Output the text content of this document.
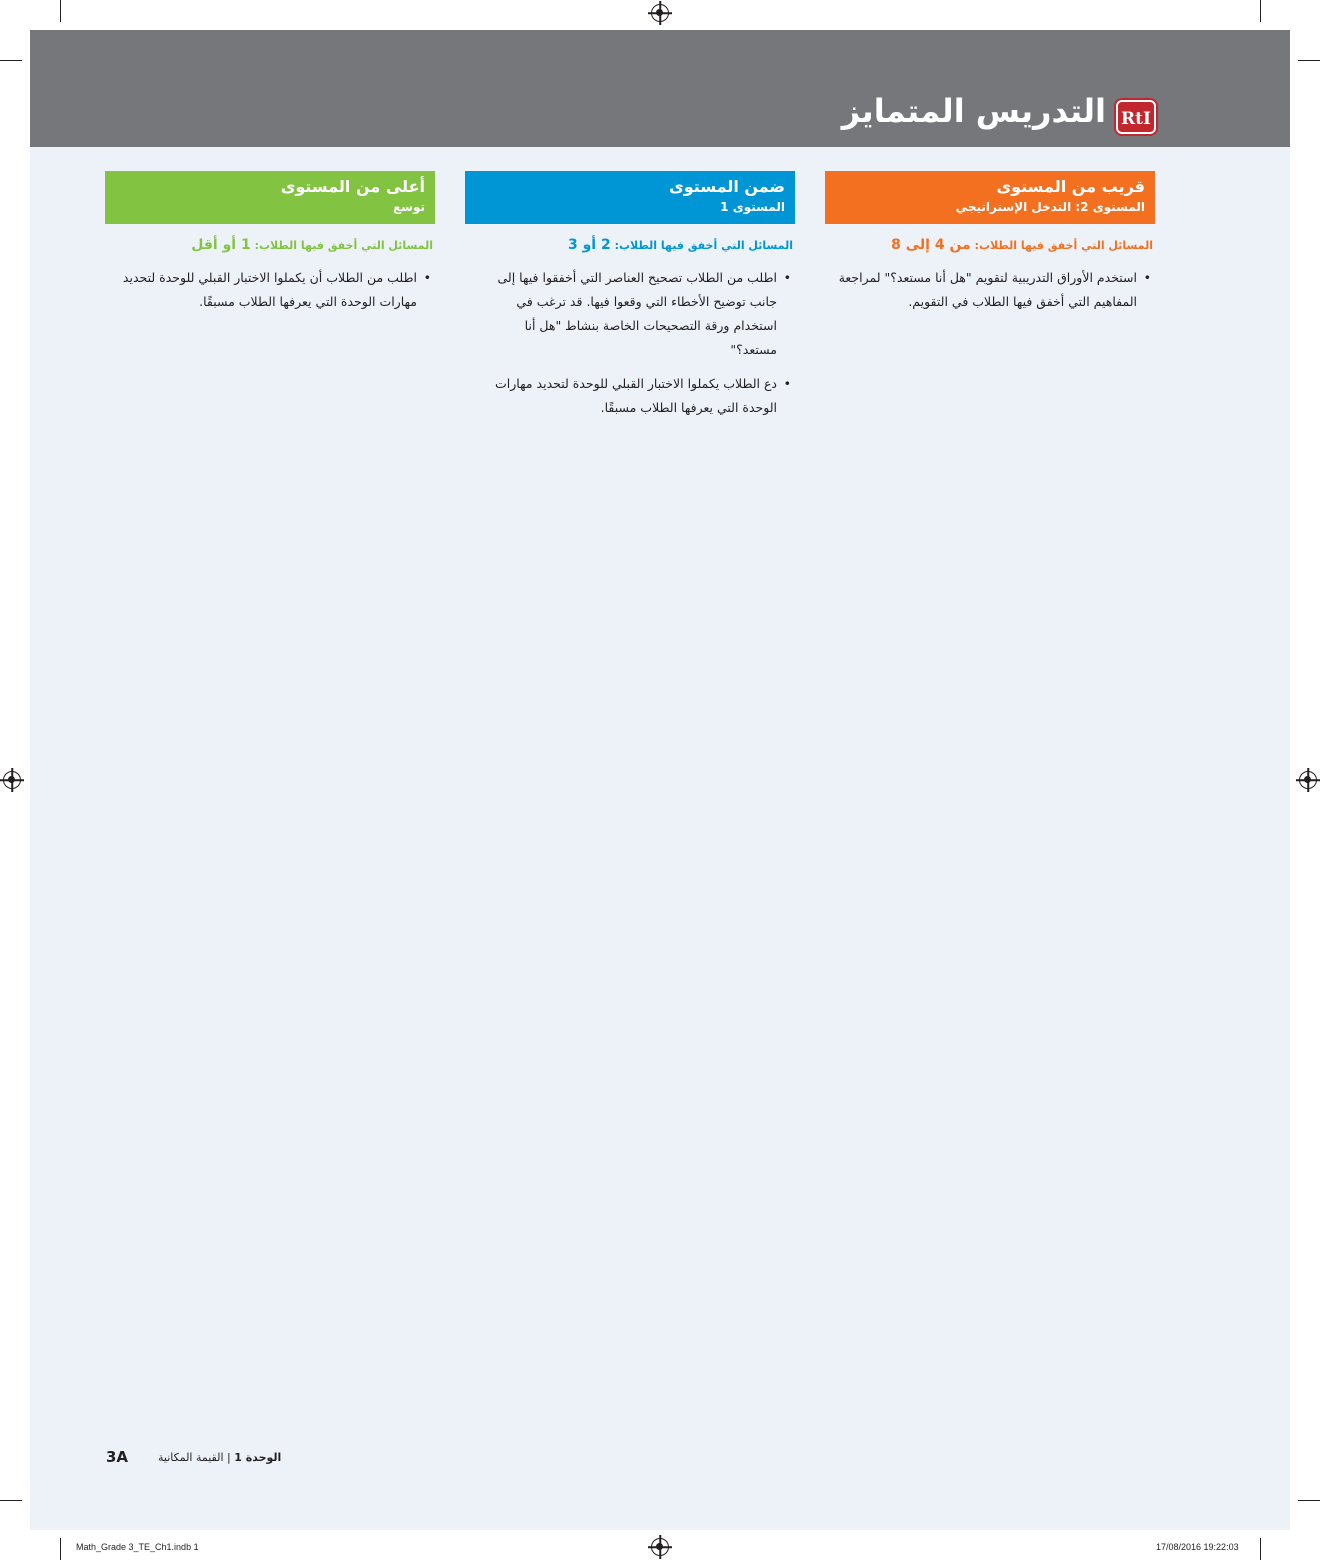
التدريس المتمايز RtI
قريب من المستوى
المستوى 2: التدخل الإستراتيجي
المسائل التي أخفق فيها الطلاب: من 4 إلى 8
• استخدم الأوراق التدريبية لتقويم "هل أنا مستعد؟" لمراجعة المفاهيم التي أخفق فيها الطلاب في التقويم.
ضمن المستوى
المستوى 1
المسائل التي أخفق فيها الطلاب: 2 أو 3
• اطلب من الطلاب تصحيح العناصر التي أخفقوا فيها إلى جانب توضيح الأخطاء التي وقعوا فيها. قد ترغب في استخدام ورقة التصحيحات الخاصة بنشاط "هل أنا مستعد؟"
• دع الطلاب يكملوا الاختبار القبلي للوحدة لتحديد مهارات الوحدة التي يعرفها الطلاب مسبقًا.
أعلى من المستوى
توسع
المسائل التي أخفق فيها الطلاب: 1 أو أقل
• اطلب من الطلاب أن يكملوا الاختبار القبلي للوحدة لتحديد مهارات الوحدة التي يعرفها الطلاب مسبقًا.
3A	الوحدة 1 | القيمة المكانية
Math_Grade 3_TE_Ch1.indb 1	17/08/2016 19:22:03
